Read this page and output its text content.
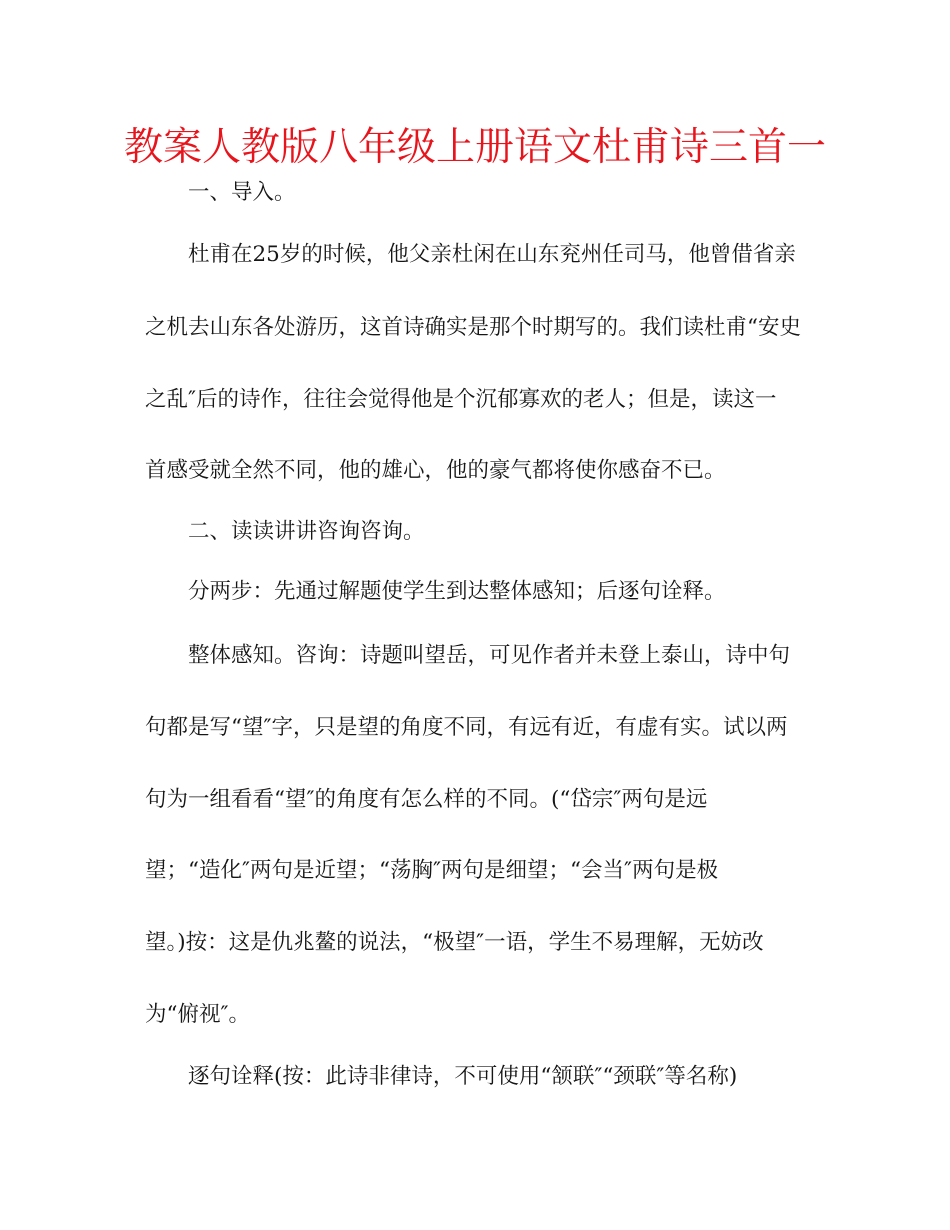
教案人教版八年级上册语文杜甫诗三首一
一、导入。
杜甫在25岁的时候，他父亲杜闲在山东兖州任司马，他曾借省亲
之机去山东各处游历，这首诗确实是那个时期写的。我们读杜甫“安史
之乱″后的诗作，往往会觉得他是个沉郁寡欢的老人；但是，读这一
首感受就全然不同，他的雄心，他的豪气都将使你感奋不已。
二、读读讲讲咨询咨询。
分两步：先通过解题使学生到达整体感知；后逐句诠释。
整体感知。咨询：诗题叫望岳，可见作者并未登上泰山，诗中句
句都是写“望″字，只是望的角度不同，有远有近，有虚有实。试以两
句为一组看看“望″的角度有怎么样的不同。(“岱宗″两句是远
望；“造化″两句是近望；“荡胸″两句是细望；“会当″两句是极
望。)按：这是仇兆鳌的说法，“极望″一语，学生不易理解，无妨改
为“俯视″。
逐句诠释(按：此诗非律诗，不可使用“颔联″“颈联″等名称)
